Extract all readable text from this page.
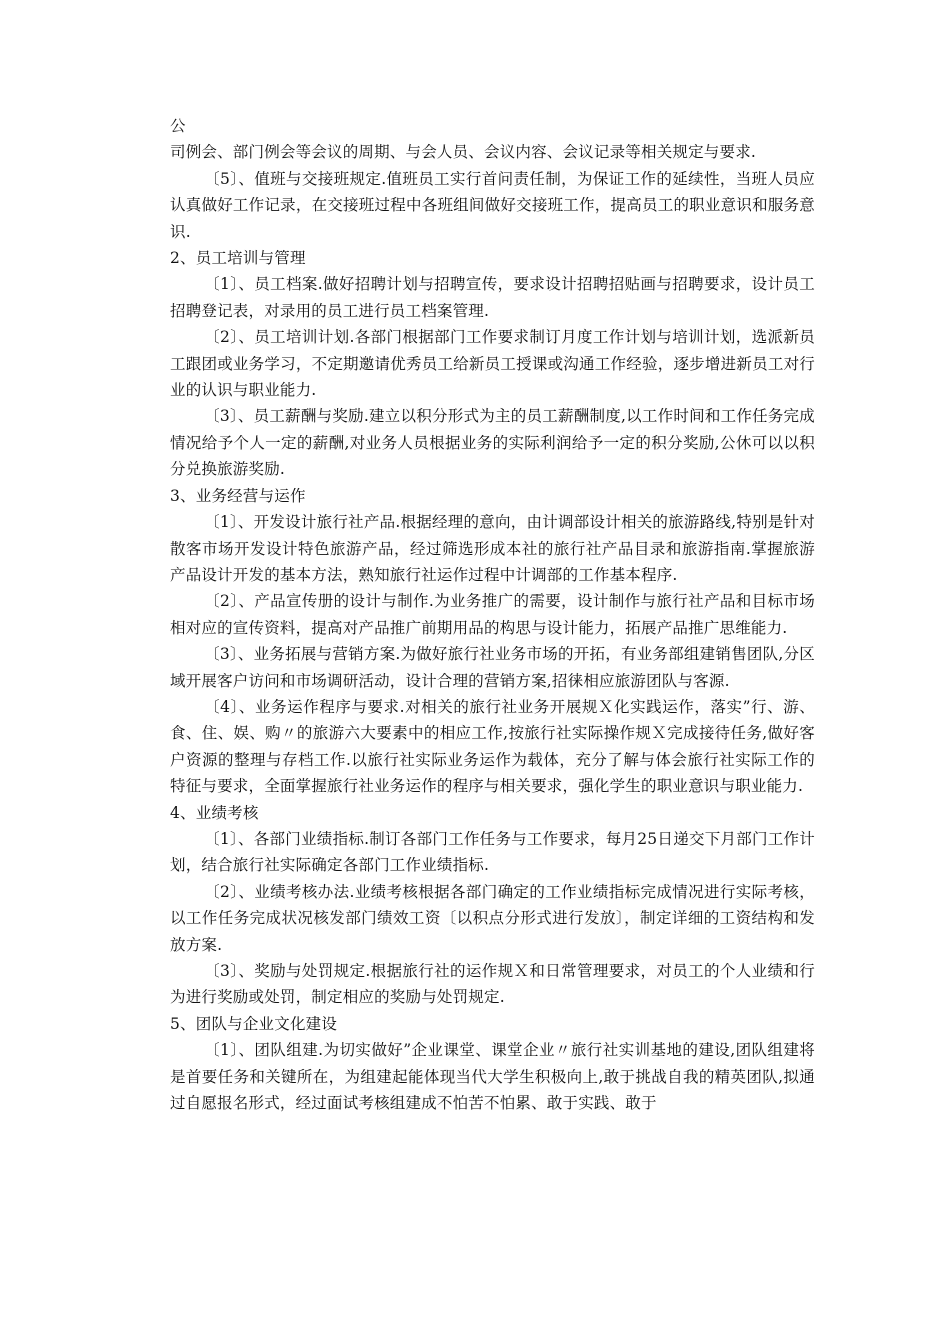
公

司例会、部门例会等会议的周期、与会人员、会议内容、会议记录等相关规定与要求.

〔5〕、值班与交接班规定.值班员工实行首问责任制，为保证工作的延续性，当班人员应认真做好工作记录，在交接班过程中各班组间做好交接班工作，提高员工的职业意识和服务意识.

2、员工培训与管理

〔1〕、员工档案.做好招聘计划与招聘宣传，要求设计招聘招贴画与招聘要求，设计员工招聘登记表，对录用的员工进行员工档案管理.

〔2〕、员工培训计划.各部门根据部门工作要求制订月度工作计划与培训计划，选派新员工跟团或业务学习，不定期邀请优秀员工给新员工授课或沟通工作经验，逐步增进新员工对行业的认识与职业能力.

〔3〕、员工薪酬与奖励.建立以积分形式为主的员工薪酬制度,以工作时间和工作任务完成情况给予个人一定的薪酬,对业务人员根据业务的实际利润给予一定的积分奖励,公休可以以积分兑换旅游奖励.

3、业务经营与运作

〔1〕、开发设计旅行社产品.根据经理的意向，由计调部设计相关的旅游路线,特别是针对散客市场开发设计特色旅游产品，经过筛选形成本社的旅行社产品目录和旅游指南.掌握旅游产品设计开发的基本方法，熟知旅行社运作过程中计调部的工作基本程序.

〔2〕、产品宣传册的设计与制作.为业务推广的需要，设计制作与旅行社产品和目标市场相对应的宣传资料，提高对产品推广前期用品的构思与设计能力，拓展产品推广思维能力.

〔3〕、业务拓展与营销方案.为做好旅行社业务市场的开拓，有业务部组建销售团队,分区域开展客户访问和市场调研活动，设计合理的营销方案,招徕相应旅游团队与客源.

〔4〕、业务运作程序与要求.对相关的旅行社业务开展规Ｘ化实践运作，落实”行、游、食、住、娱、购〃的旅游六大要素中的相应工作,按旅行社实际操作规Ｘ完成接待任务,做好客户资源的整理与存档工作.以旅行社实际业务运作为载体，充分了解与体会旅行社实际工作的特征与要求，全面掌握旅行社业务运作的程序与相关要求，强化学生的职业意识与职业能力.

4、业绩考核

〔1〕、各部门业绩指标.制订各部门工作任务与工作要求，每月25日递交下月部门工作计划，结合旅行社实际确定各部门工作业绩指标.

〔2〕、业绩考核办法.业绩考核根据各部门确定的工作业绩指标完成情况进行实际考核，以工作任务完成状况核发部门绩效工资〔以积点分形式进行发放〕，制定详细的工资结构和发放方案.

〔3〕、奖励与处罚规定.根据旅行社的运作规Ｘ和日常管理要求，对员工的个人业绩和行为进行奖励或处罚，制定相应的奖励与处罚规定.

5、团队与企业文化建设

〔1〕、团队组建.为切实做好”企业课堂、课堂企业〃旅行社实训基地的建设,团队组建将是首要任务和关键所在，为组建起能体现当代大学生积极向上,敢于挑战自我的精英团队,拟通过自愿报名形式，经过面试考核组建成不怕苦不怕累、敢于实践、敢于
